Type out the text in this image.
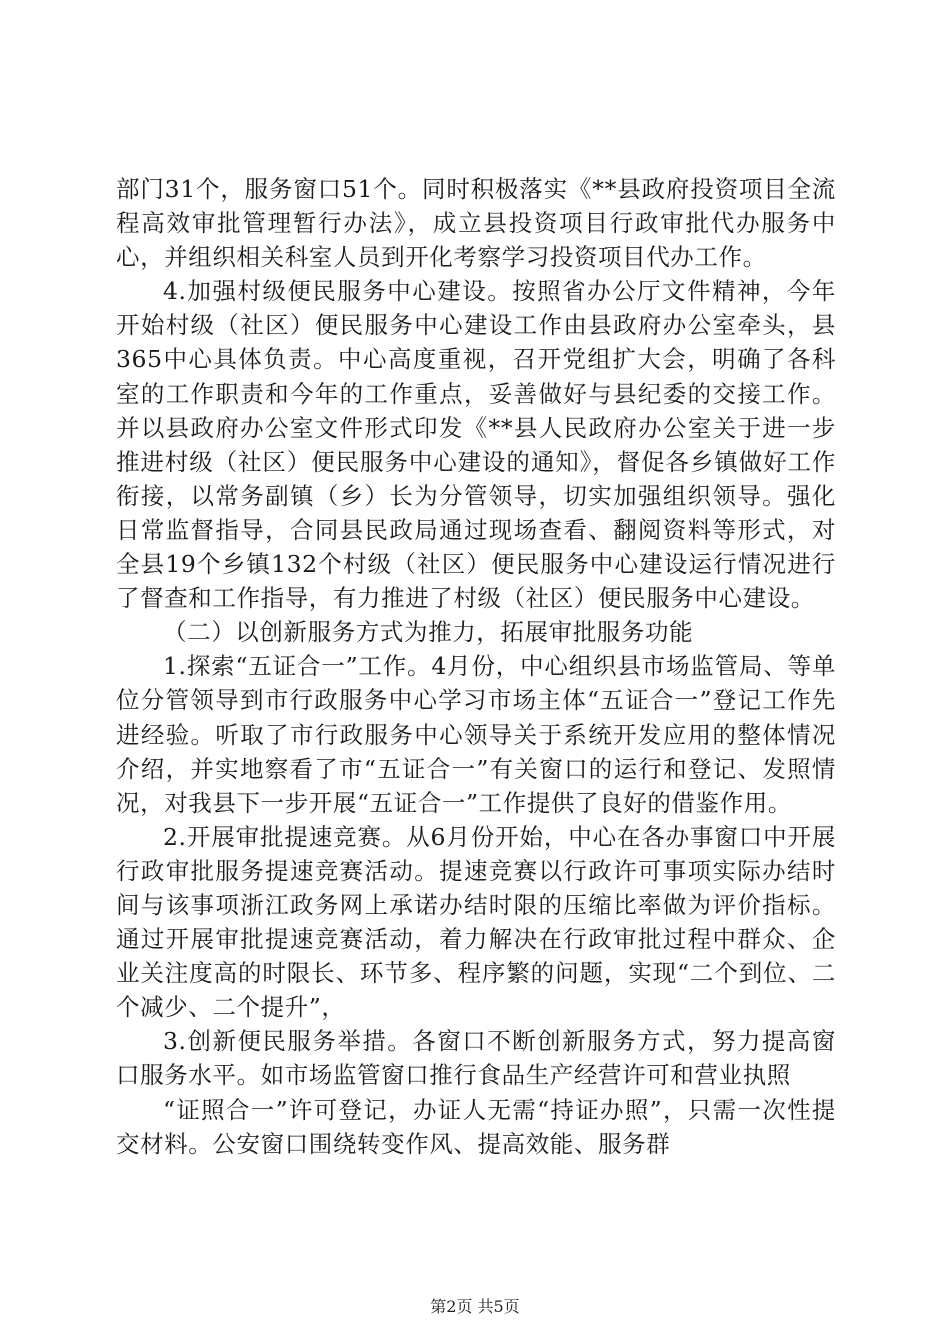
部门31个，服务窗口51个。同时积极落实《**县政府投资项目全流程高效审批管理暂行办法》，成立县投资项目行政审批代办服务中心，并组织相关科室人员到开化考察学习投资项目代办工作。

4.加强村级便民服务中心建设。按照省办公厅文件精神，今年开始村级（社区）便民服务中心建设工作由县政府办公室牵头，县365中心具体负责。中心高度重视，召开党组扩大会，明确了各科室的工作职责和今年的工作重点，妥善做好与县纪委的交接工作。并以县政府办公室文件形式印发《**县人民政府办公室关于进一步推进村级（社区）便民服务中心建设的通知》，督促各乡镇做好工作衔接，以常务副镇（乡）长为分管领导，切实加强组织领导。强化日常监督指导，合同县民政局通过现场查看、翻阅资料等形式，对全县19个乡镇132个村级（社区）便民服务中心建设运行情况进行了督查和工作指导，有力推进了村级（社区）便民服务中心建设。

（二）以创新服务方式为推力，拓展审批服务功能

1.探索“五证合一”工作。4月份，中心组织县市场监管局、等单位分管领导到市行政服务中心学习市场主体“五证合一”登记工作先进经验。听取了市行政服务中心领导关于系统开发应用的整体情况介绍，并实地察看了市“五证合一”有关窗口的运行和登记、发照情况，对我县下一步开展“五证合一”工作提供了良好的借鉴作用。

2.开展审批提速竞赛。从6月份开始，中心在各办事窗口中开展行政审批服务提速竞赛活动。提速竞赛以行政许可事项实际办结时间与该事项浙江政务网上承诺办结时限的压缩比率做为评价指标。通过开展审批提速竞赛活动，着力解决在行政审批过程中群众、企业关注度高的时限长、环节多、程序繁的问题，实现“二个到位、二个减少、二个提升”，

3.创新便民服务举措。各窗口不断创新服务方式，努力提高窗口服务水平。如市场监管窗口推行食品生产经营许可和营业执照

“证照合一”许可登记，办证人无需“持证办照”，只需一次性提交材料。公安窗口围绕转变作风、提高效能、服务群

第2页 共5页
